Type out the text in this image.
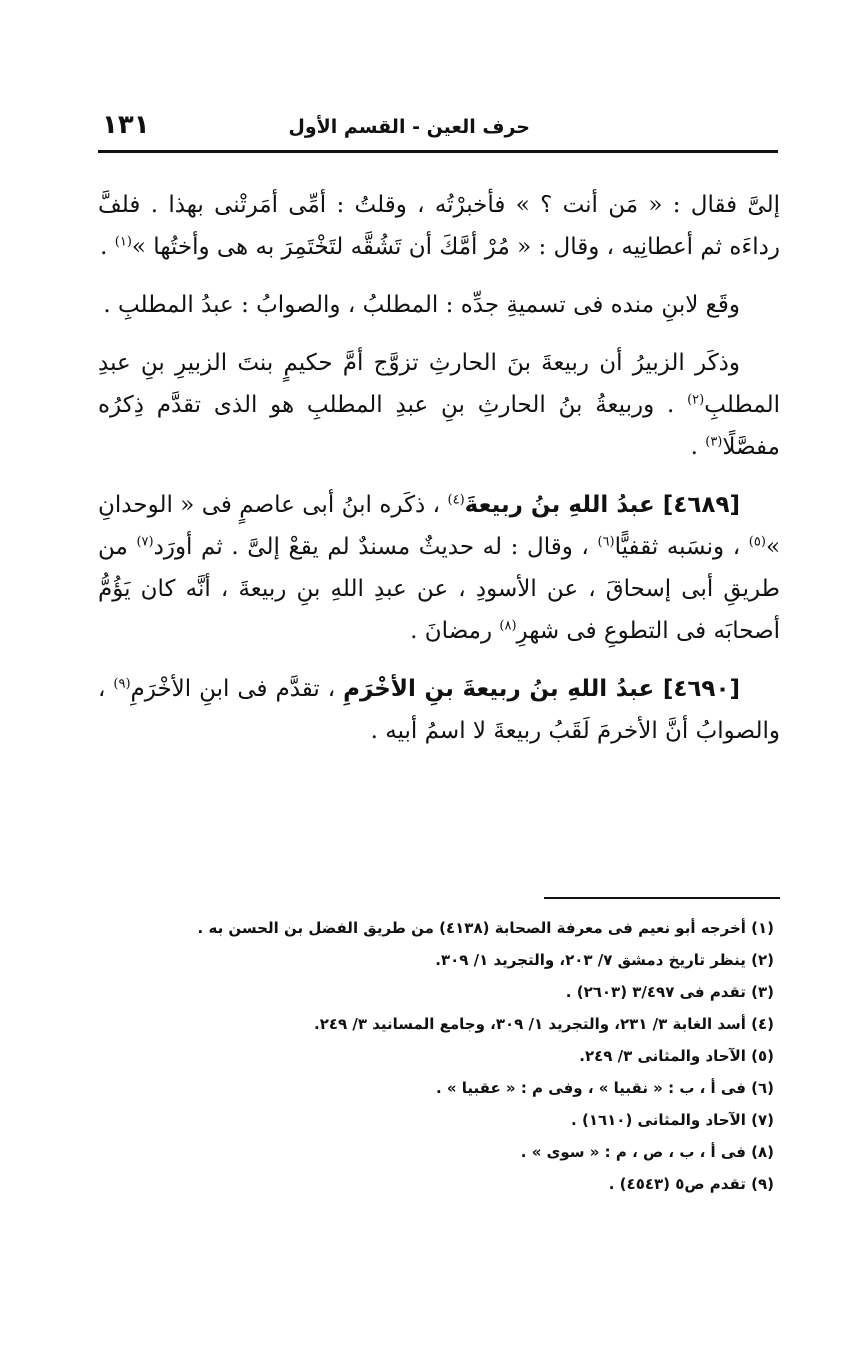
حرف العين - القسم الأول
١٣١

إلىَّ فقال : « مَن أنت ؟ » فأخبرْتُه ، وقلتُ : أمِّى أمَرتْنى بهذا . فلفَّ رداءَه ثم أعطانِيه ، وقال : « مُرْ أمَّكَ أن تَشُقَّه لتَخْتَمِرَ به هى وأختُها »$^{(١)}$ .

وقَع لابنِ منده فى تسميةِ جدِّه : المطلبُ ، والصوابُ : عبدُ المطلبِ .

وذكَر الزبيرُ أن ربيعةَ بنَ الحارثِ تزوَّج أمَّ حكيمٍ بنتَ الزبيرِ بنِ عبدِ المطلبِ$^{(٢)}$ . وربيعةُ بنُ الحارثِ بنِ عبدِ المطلبِ هو الذى تقدَّم ذِكرُه مفصَّلًا$^{(٣)}$ .

[٤٦٨٩] عبدُ اللهِ بنُ ربيعةَ$^{(٤)}$ ، ذكَره ابنُ أبى عاصمٍ فى « الوحدانِ »$^{(٥)}$ ، ونسَبه ثقفيًّا$^{(٦)}$ ، وقال : له حديثٌ مسندٌ لم يقعْ إلىَّ . ثم أورَد$^{(٧)}$ من طريقِ أبى إسحاقَ ، عن الأسودِ ، عن عبدِ اللهِ بنِ ربيعةَ ، أنَّه كان يَؤُمُّ أصحابَه فى التطوعِ فى شهرِ$^{(٨)}$ رمضانَ .

[٤٦٩٠] عبدُ اللهِ بنُ ربيعةَ بنِ الأخْرَمِ ، تقدَّم فى ابنِ الأخْرَمِ$^{(٩)}$ ، والصوابُ أنَّ الأخرمَ لَقَبُ ربيعةَ لا اسمُ أبيه .

(١) أخرجه أبو نعيم فى معرفة الصحابة (٤١٣٨) من طريق الفضل بن الحسن به .
(٢) ينظر تاريخ دمشق ٧/ ٢٠٣، والتجريد ١/ ٣٠٩.
(٣) تقدم فى ٣/٤٩٧ (٢٦٠٣) .
(٤) أسد الغابة ٣/ ٢٣١، والتجريد ١/ ٣٠٩، وجامع المسانيد ٣/ ٢٤٩.
(٥) الآحاد والمثانى ٣/ ٢٤٩.
(٦) فى أ ، ب : « نقبيا » ، وفى م : « عقبيا » .
(٧) الآحاد والمثانى (١٦١٠) .
(٨) فى أ ، ب ، ص ، م : « سوى » .
(٩) تقدم ص٥ (٤٥٤٣) .
